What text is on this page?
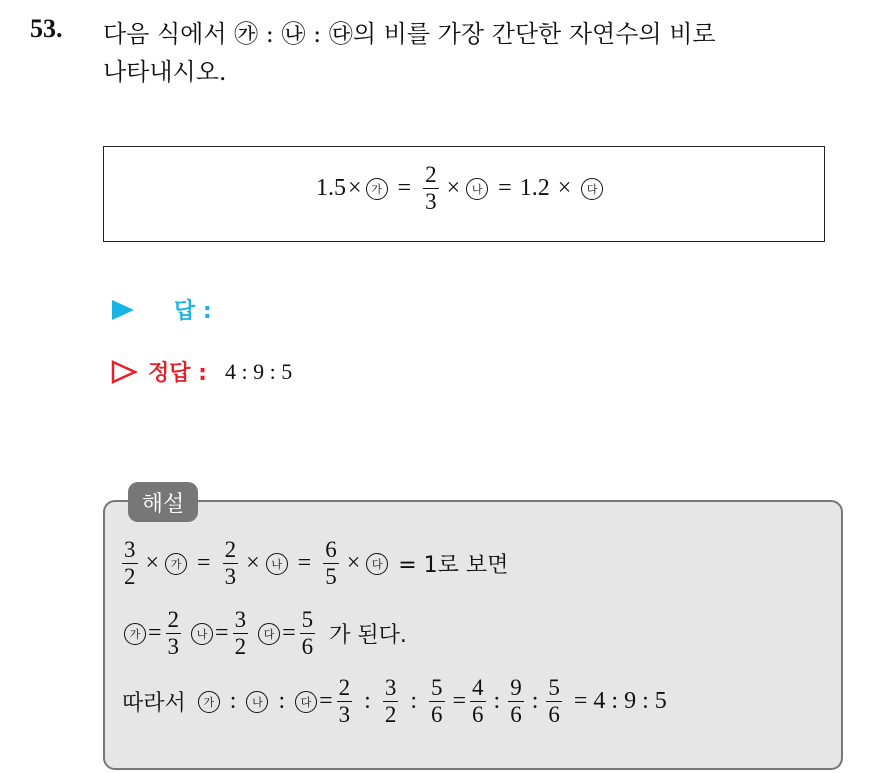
53. 다음 식에서 ㉮ : ㉯ : ㉰의 비를 가장 간단한 자연수의 비로
나타내시오.
1.5 × 가 = $\frac{2}{3}$ ×	나 = 1.2 ×	다
답 :
정답 : 4 : 9 : 5
해설
$\frac{3}{2}$ ×	가 = $\frac{2}{3}$ ×	나 = $\frac{6}{5}$ ×	다 = 1로 보면
가 = $\frac{2}{3}$	나 = $\frac{3}{2}$	다 = $\frac{5}{6}$ 가 된다.
따라서	가 :	나 :	다 = $\frac{2}{3}$ : $\frac{3}{2}$ : $\frac{5}{6} = \frac{4}{6}$ : $\frac{9}{6}$ : $\frac{5}{6} = 4$ : 9 : 5
